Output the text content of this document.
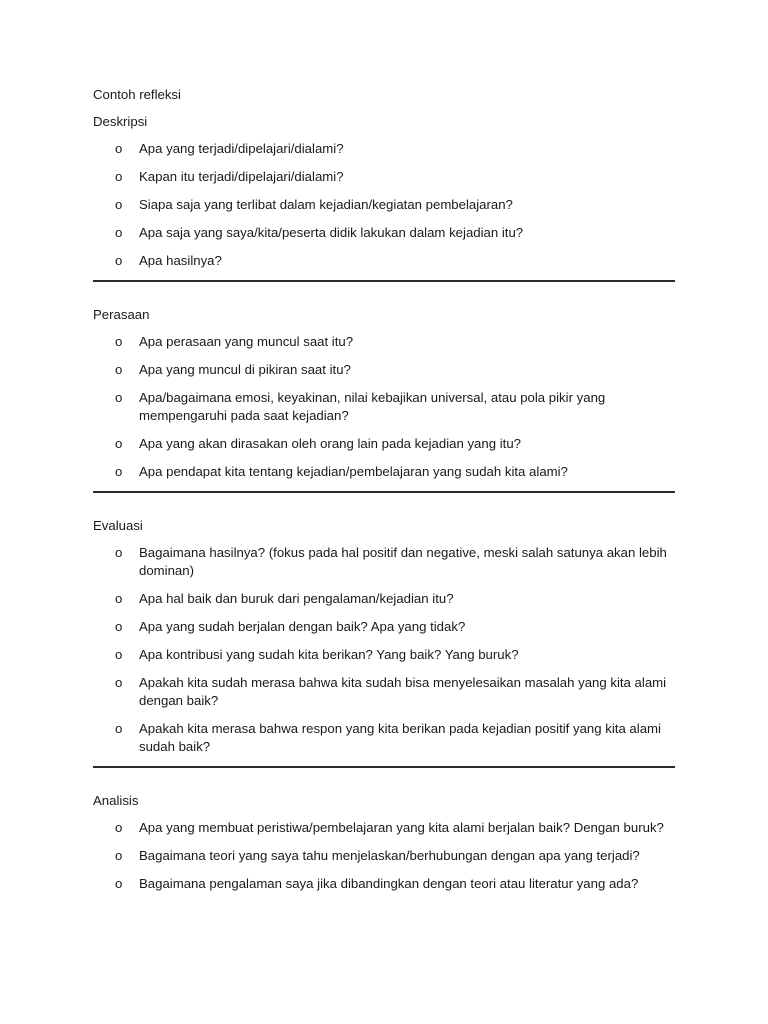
Contoh refleksi
Deskripsi
o Apa yang terjadi/dipelajari/dialami?
o Kapan itu terjadi/dipelajari/dialami?
o Siapa saja yang terlibat dalam kejadian/kegiatan pembelajaran?
o Apa saja yang saya/kita/peserta didik lakukan dalam kejadian itu?
o Apa hasilnya?
Perasaan
o Apa perasaan yang muncul saat itu?
o Apa yang muncul di pikiran saat itu?
o Apa/bagaimana emosi, keyakinan, nilai kebajikan universal, atau pola pikir yang mempengaruhi pada saat kejadian?
o Apa yang akan dirasakan oleh orang lain pada kejadian yang itu?
o Apa pendapat kita tentang kejadian/pembelajaran yang sudah kita alami?
Evaluasi
o Bagaimana hasilnya? (fokus pada hal positif dan negative, meski salah satunya akan lebih dominan)
o Apa hal baik dan buruk dari pengalaman/kejadian itu?
o Apa yang sudah berjalan dengan baik? Apa yang tidak?
o Apa kontribusi yang sudah kita berikan? Yang baik? Yang buruk?
o Apakah kita sudah merasa bahwa kita sudah bisa menyelesaikan masalah yang kita alami dengan baik?
o Apakah kita merasa bahwa respon yang kita berikan pada kejadian positif yang kita alami sudah baik?
Analisis
o Apa yang membuat peristiwa/pembelajaran yang kita alami berjalan baik? Dengan buruk?
o Bagaimana teori yang saya tahu menjelaskan/berhubungan dengan apa yang terjadi?
o Bagaimana pengalaman saya jika dibandingkan dengan teori atau literatur yang ada?
